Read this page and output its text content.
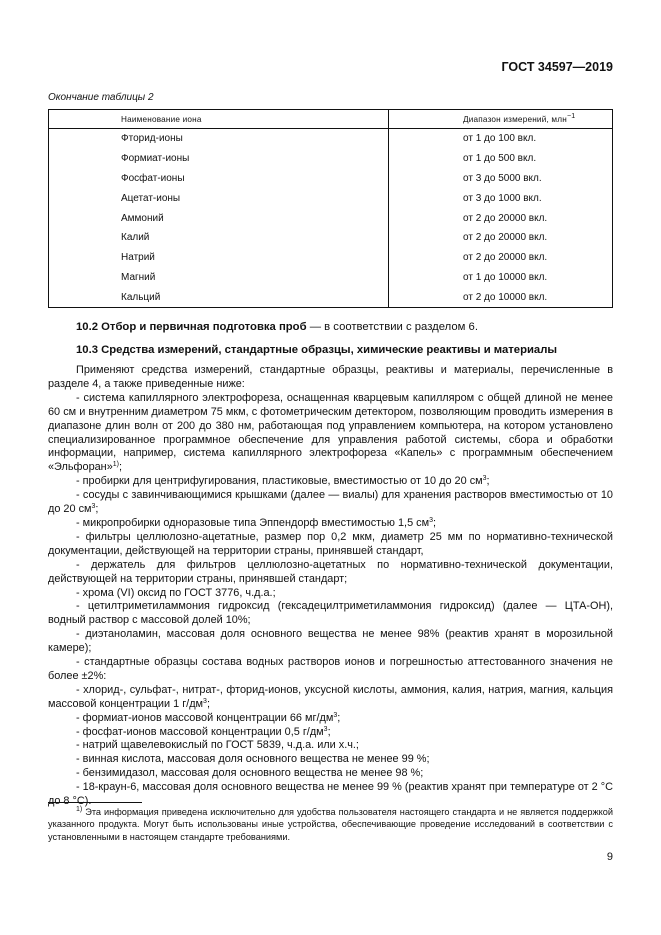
ГОСТ 34597—2019
Окончание таблицы 2
Наименование иона	Диапазон измерений, млн$^{-1}$
Фторид-ионы	от 1 до 100 вкл.
Формиат-ионы	от 1 до 500 вкл.
Фосфат-ионы	от 3 до 5000 вкл.
Ацетат-ионы	от 3 до 1000 вкл.
Аммоний	от 2 до 20000 вкл.
Калий	от 2 до 20000 вкл.
Натрий	от 2 до 20000 вкл.
Магний	от 1 до 10000 вкл.
Кальций	от 2 до 10000 вкл.
10.2 Отбор и первичная подготовка проб — в соответствии с разделом 6.
10.3 Средства измерений, стандартные образцы, химические реактивы и материалы

Применяют средства измерений, стандартные образцы, реактивы и материалы, перечисленные в разделе 4, а также приведенные ниже:

- система капиллярного электрофореза, оснащенная кварцевым капилляром с общей длиной не менее 60 см и внутренним диаметром 75 мкм, с фотометрическим детектором, позволяющим проводить измерения в диапазоне длин волн от 200 до 380 нм, работающая под управлением компьютера, на котором установлено специализированное программное обеспечение для управления работой системы, сбора и обработки информации, например, система капиллярного электрофореза «Капель» с программным обеспечением «Эльфоран»$^{1)}$;

- пробирки для центрифугирования, пластиковые, вместимостью от 10 до 20 $см^3$;

- сосуды с завинчивающимися крышками (далее — виалы) для хранения растворов вместимостью от 10 до 20 $см^3$;

- микропробирки одноразовые типа Эппендорф вместимостью 1,5 $см^3$;

- фильтры целлюлозно-ацетатные, размер пор 0,2 мкм, диаметр 25 мм по нормативно-технической документации, действующей на территории страны, принявшей стандарт,

- держатель для фильтров целлюлозно-ацетатных по нормативно-технической документации, действующей на территории страны, принявшей стандарт;

- хрома (VI) оксид по ГОСТ 3776, ч.д.а.;

- цетилтриметиламмония гидроксид (гексадецилтриметиламмония гидроксид) (далее — ЦТА-ОН), водный раствор с массовой долей 10%;

- диэтаноламин, массовая доля основного вещества не менее 98% (реактив хранят в морозильной камере);

- стандартные образцы состава водных растворов ионов и погрешностью аттестованного значения не более ±2%:

- хлорид-, сульфат-, нитрат-, фторид-ионов, уксусной кислоты, аммония, калия, натрия, магния, кальция массовой концентрации 1 $г/дм^3$;

- формиат-ионов массовой концентрации 66 $мг/дм^3$;

- фосфат-ионов массовой концентрации 0,5 $г/дм^3$;

- натрий щавелевокислый по ГОСТ 5839, ч.д.а. или х.ч.;

- винная кислота, массовая доля основного вещества не менее 99 %;

- бензимидазол, массовая доля основного вещества не менее 98 %;

- 18-краун-6, массовая доля основного вещества не менее 99 % (реактив хранят при температуре от 2 °С до 8 °С).

$^{1)}$ Эта информация приведена исключительно для удобства пользователя настоящего стандарта и не является поддержкой указанного продукта. Могут быть использованы иные устройства, обеспечивающие проведение исследований в соответствии с установленными в настоящем стандарте требованиями.

9
